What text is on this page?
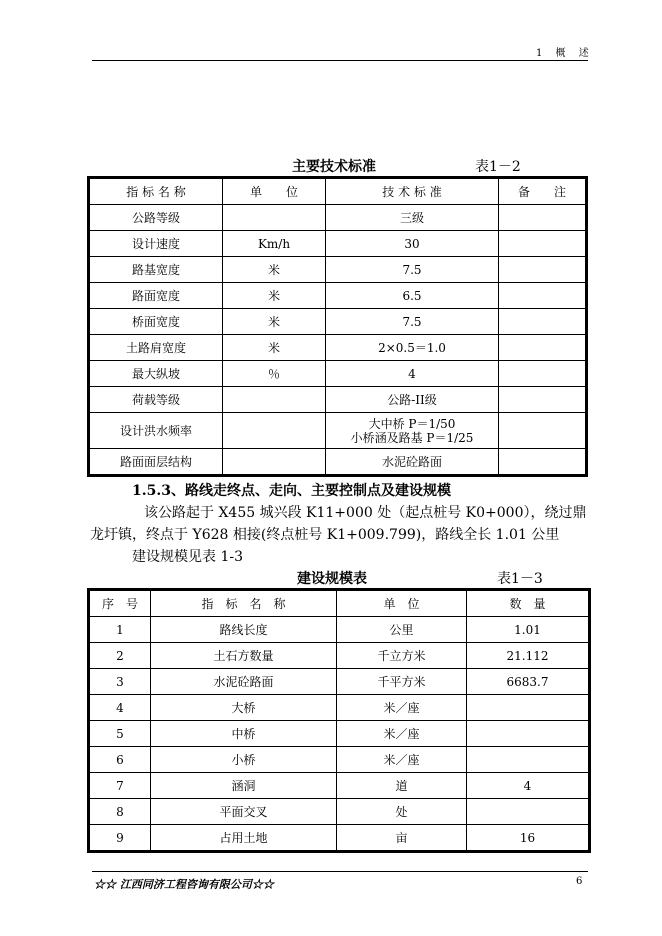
1 概 述
主要技术标准	表1－2
指 标 名 称	单　　位	技 术 标 准	备　　注
公路等级		三级	
设计速度	Km/h	30	
路基宽度	米	7.5	
路面宽度	米	6.5	
桥面宽度	米	7.5	
土路肩宽度	米	2×0.5＝1.0	
最大纵坡	％	4	
荷载等级		公路-II级	
设计洪水频率		大中桥 P＝1/50
小桥涵及路基 P＝1/25	

路面面层结构		水泥砼路面	
1.5.3、路线走终点、走向、主要控制点及建设规模
该公路起于 X455 城兴段 K11+000 处（起点桩号 K0+000），绕过鼎
龙圩镇，终点于 Y628 相接(终点桩号 K1+009.799)，路线全长 1.01 公里
建设规模见表 1-3
建设规模表	表1－3
序　号	指　标　名　称	单　位	数　量
1	路线长度	公里	1.01
2	土石方数量	千立方米	21.112
3	水泥砼路面	千平方米	6683.7
4	大桥	米／座	
5	中桥	米／座	
6	小桥	米／座	
7	涵洞	道	4
8	平面交叉	处	
9	占用土地	亩	16
☆☆ 江西同济工程咨询有限公司☆☆	6
